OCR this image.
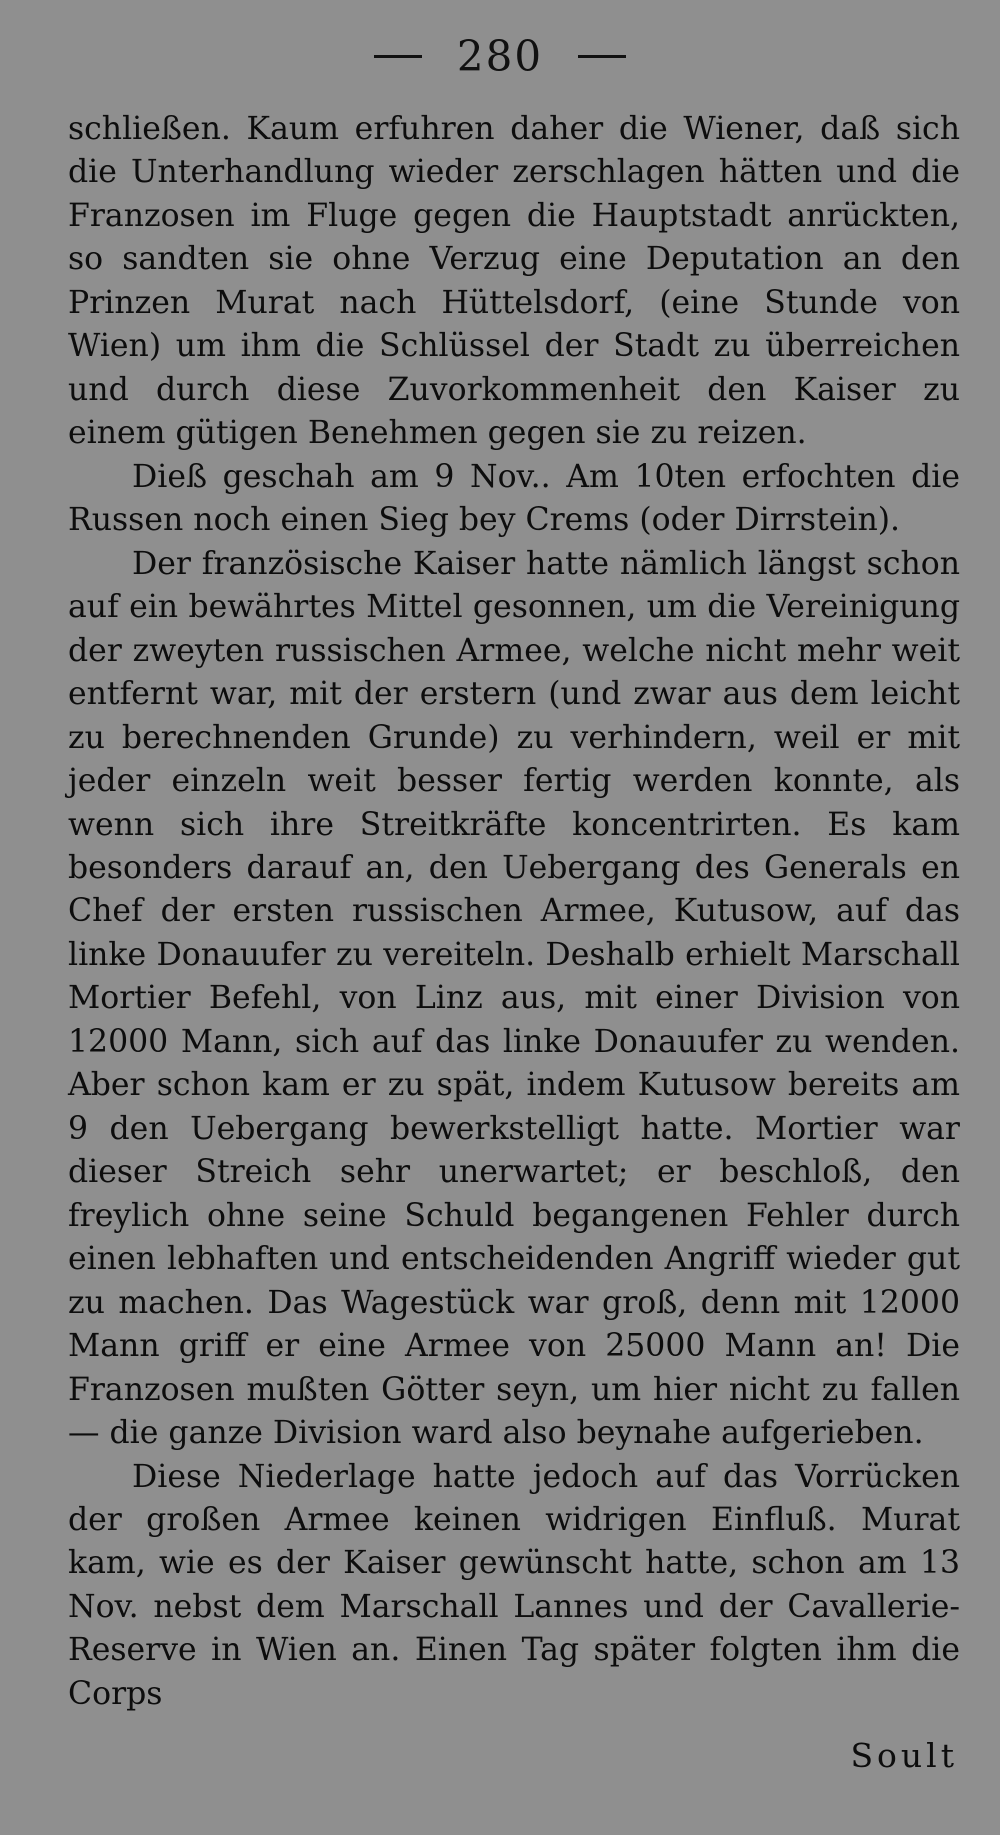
280

schließen. Kaum erfuhren daher die Wiener, daß sich die Unterhandlung wieder zerschlagen hätten und die Franzosen im Fluge gegen die Hauptstadt anrückten, so sandten sie ohne Verzug eine Deputation an den Prinzen Murat nach Hüttelsdorf, (eine Stunde von Wien) um ihm die Schlüssel der Stadt zu überreichen und durch diese Zuvorkommenheit den Kaiser zu einem gütigen Benehmen gegen sie zu reizen.

Dieß geschah am 9 Nov.. Am 10ten erfochten die Russen noch einen Sieg bey Crems (oder Dirrstein).

Der französische Kaiser hatte nämlich längst schon auf ein bewährtes Mittel gesonnen, um die Vereinigung der zweyten russischen Armee, welche nicht mehr weit entfernt war, mit der erstern (und zwar aus dem leicht zu berechnenden Grunde) zu verhindern, weil er mit jeder einzeln weit besser fertig werden konnte, als wenn sich ihre Streitkräfte koncentrirten. Es kam besonders darauf an, den Uebergang des Generals en Chef der ersten russischen Armee, Kutusow, auf das linke Donauufer zu vereiteln. Deshalb erhielt Marschall Mortier Befehl, von Linz aus, mit einer Division von 12000 Mann, sich auf das linke Donauufer zu wenden. Aber schon kam er zu spät, indem Kutusow bereits am 9 den Uebergang bewerkstelligt hatte. Mortier war dieser Streich sehr unerwartet; er beschloß, den freylich ohne seine Schuld begangenen Fehler durch einen lebhaften und entscheidenden Angriff wieder gut zu machen. Das Wagestück war groß, denn mit 12000 Mann griff er eine Armee von 25000 Mann an! Die Franzosen mußten Götter seyn, um hier nicht zu fallen — die ganze Division ward also beynahe aufgerieben.

Diese Niederlage hatte jedoch auf das Vorrücken der großen Armee keinen widrigen Einfluß. Murat kam, wie es der Kaiser gewünscht hatte, schon am 13 Nov. nebst dem Marschall Lannes und der Cavallerie-Reserve in Wien an. Einen Tag später folgten ihm die Corps

Soult
